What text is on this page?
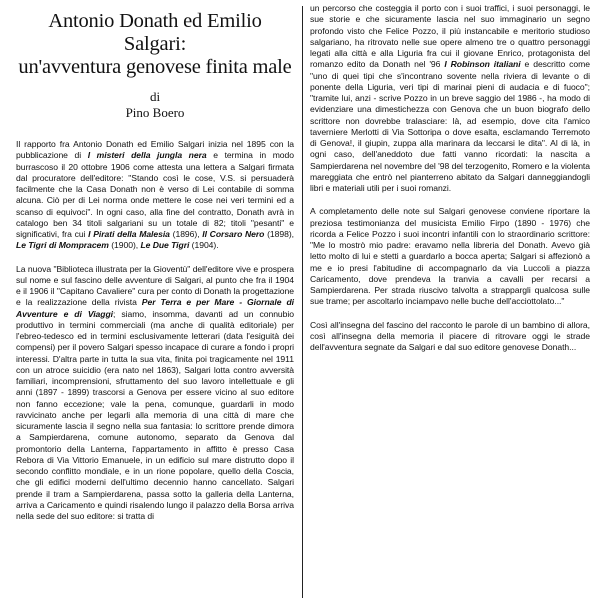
Antonio Donath ed Emilio Salgari:
un'avventura genovese finita male
di
Pino Boero

Il rapporto fra Antonio Donath ed Emilio Salgari inizia nel 1895 con la pubblicazione di I misteri della jungla nera e termina in modo burrascoso il 20 ottobre 1906 come attesta una lettera a Salgari firmata dal procuratore dell'editore: "Stando così le cose, V.S. si persuaderà facilmente che la Casa Donath non è verso di Lei contabile di somma alcuna. Ciò per di Lei norma onde mettere le cose nei veri termini ed a scanso di equivoci". In ogni caso, alla fine del contratto, Donath avrà in catalogo ben 34 titoli salgariani su un totale di 82; titoli "pesanti" e significativi, fra cui I Pirati della Malesia (1896), Il Corsaro Nero (1898), Le Tigri di Mompracem (1900), Le Due Tigri (1904).

La nuova "Biblioteca illustrata per la Gioventù" dell'editore vive e prospera sul nome e sul fascino delle avventure di Salgari, al punto che fra il 1904 e il 1906 il "Capitano Cavaliere" cura per conto di Donath la progettazione e la realizzazione della rivista Per Terra e per Mare - Giornale di Avventure e di Viaggi; siamo, insomma, davanti ad un connubio produttivo in termini commerciali (ma anche di qualità editoriale) per l'ebreo-tedesco ed in termini esclusivamente letterari (data l'esiguità dei compensi) per il povero Salgari spesso incapace di curare a fondo i propri interessi. D'altra parte in tutta la sua vita, finita poi tragicamente nel 1911 con un atroce suicidio (era nato nel 1863), Salgari lotta contro avversità familiari, incomprensioni, sfruttamento del suo lavoro intellettuale e gli anni (1897 - 1899) trascorsi a Genova per essere vicino al suo editore non fanno eccezione; vale la pena, comunque, guardarli in modo ravvicinato anche per legarli alla memoria di una città di mare che sicuramente lascia il segno nella sua fantasia: lo scrittore prende dimora a Sampierdarena, comune autonomo, separato da Genova dal promontorio della Lanterna, l'appartamento in affitto è presso Casa Rebora di Via Vittorio Emanuele, in un edificio sul mare distrutto dopo il secondo conflitto mondiale, e in un rione popolare, quello della Coscia, che gli edifici moderni dell'ultimo decennio hanno cancellato. Salgari prende il tram a Sampierdarena, passa sotto la galleria della Lanterna, arriva a Caricamento e quindi risalendo lungo il palazzo della Borsa arriva nella sede del suo editore: si tratta di

un percorso che costeggia il porto con i suoi traffici, i suoi personaggi, le sue storie e che sicuramente lascia nel suo immaginario un segno profondo visto che Felice Pozzo, il più instancabile e meritorio studioso salgariano, ha ritrovato nelle sue opere almeno tre o quattro personaggi legati alla città e alla Liguria fra cui il giovane Enrico, protagonista del romanzo edito da Donath nel '96 I Robinson italiani e descritto come "uno di quei tipi che s'incontrano sovente nella riviera di levante o di ponente della Liguria, veri tipi di marinai pieni di audacia e di fuoco"; "tramite lui, anzi - scrive Pozzo in un breve saggio del 1986 -, ha modo di evidenziare una dimestichezza con Genova che un buon biografo dello scrittore non dovrebbe tralasciare: là, ad esempio, dove cita l'amico taverniere Merlotti di Via Sottoripa o dove esalta, esclamando Terremoto di Genova!, il giupin, zuppa alla marinara da leccarsi le dita". Al di là, in ogni caso, dell'aneddoto due fatti vanno ricordati: la nascita a Sampierdarena nel novembre del '98 del terzogenito, Romero e la violenta mareggiata che entrò nel pianterreno abitato da Salgari danneggiandogli libri e materiali utili per i suoi romanzi.

A completamento delle note sul Salgari genovese conviene riportare la preziosa testimonianza del musicista Emilio Firpo (1890 - 1976) che ricorda a Felice Pozzo i suoi incontri infantili con lo straordinario scrittore: "Me lo mostrò mio padre: eravamo nella libreria del Donath. Avevo già letto molto di lui e stetti a guardarlo a bocca aperta; Salgari si affezionò a me e io presi l'abitudine di accompagnarlo da via Luccoli a piazza Caricamento, dove prendeva la tranvia a cavalli per recarsi a Sampierdarena. Per strada riuscivo talvolta a strappargli qualcosa sulle sue trame; per ascoltarlo inciampavo nelle buche dell'acciottolato..."

Così all'insegna del fascino del racconto le parole di un bambino di allora, così all'insegna della memoria il piacere di ritrovare oggi le strade dell'avventura segnate da Salgari e dal suo editore genovese Donath...
